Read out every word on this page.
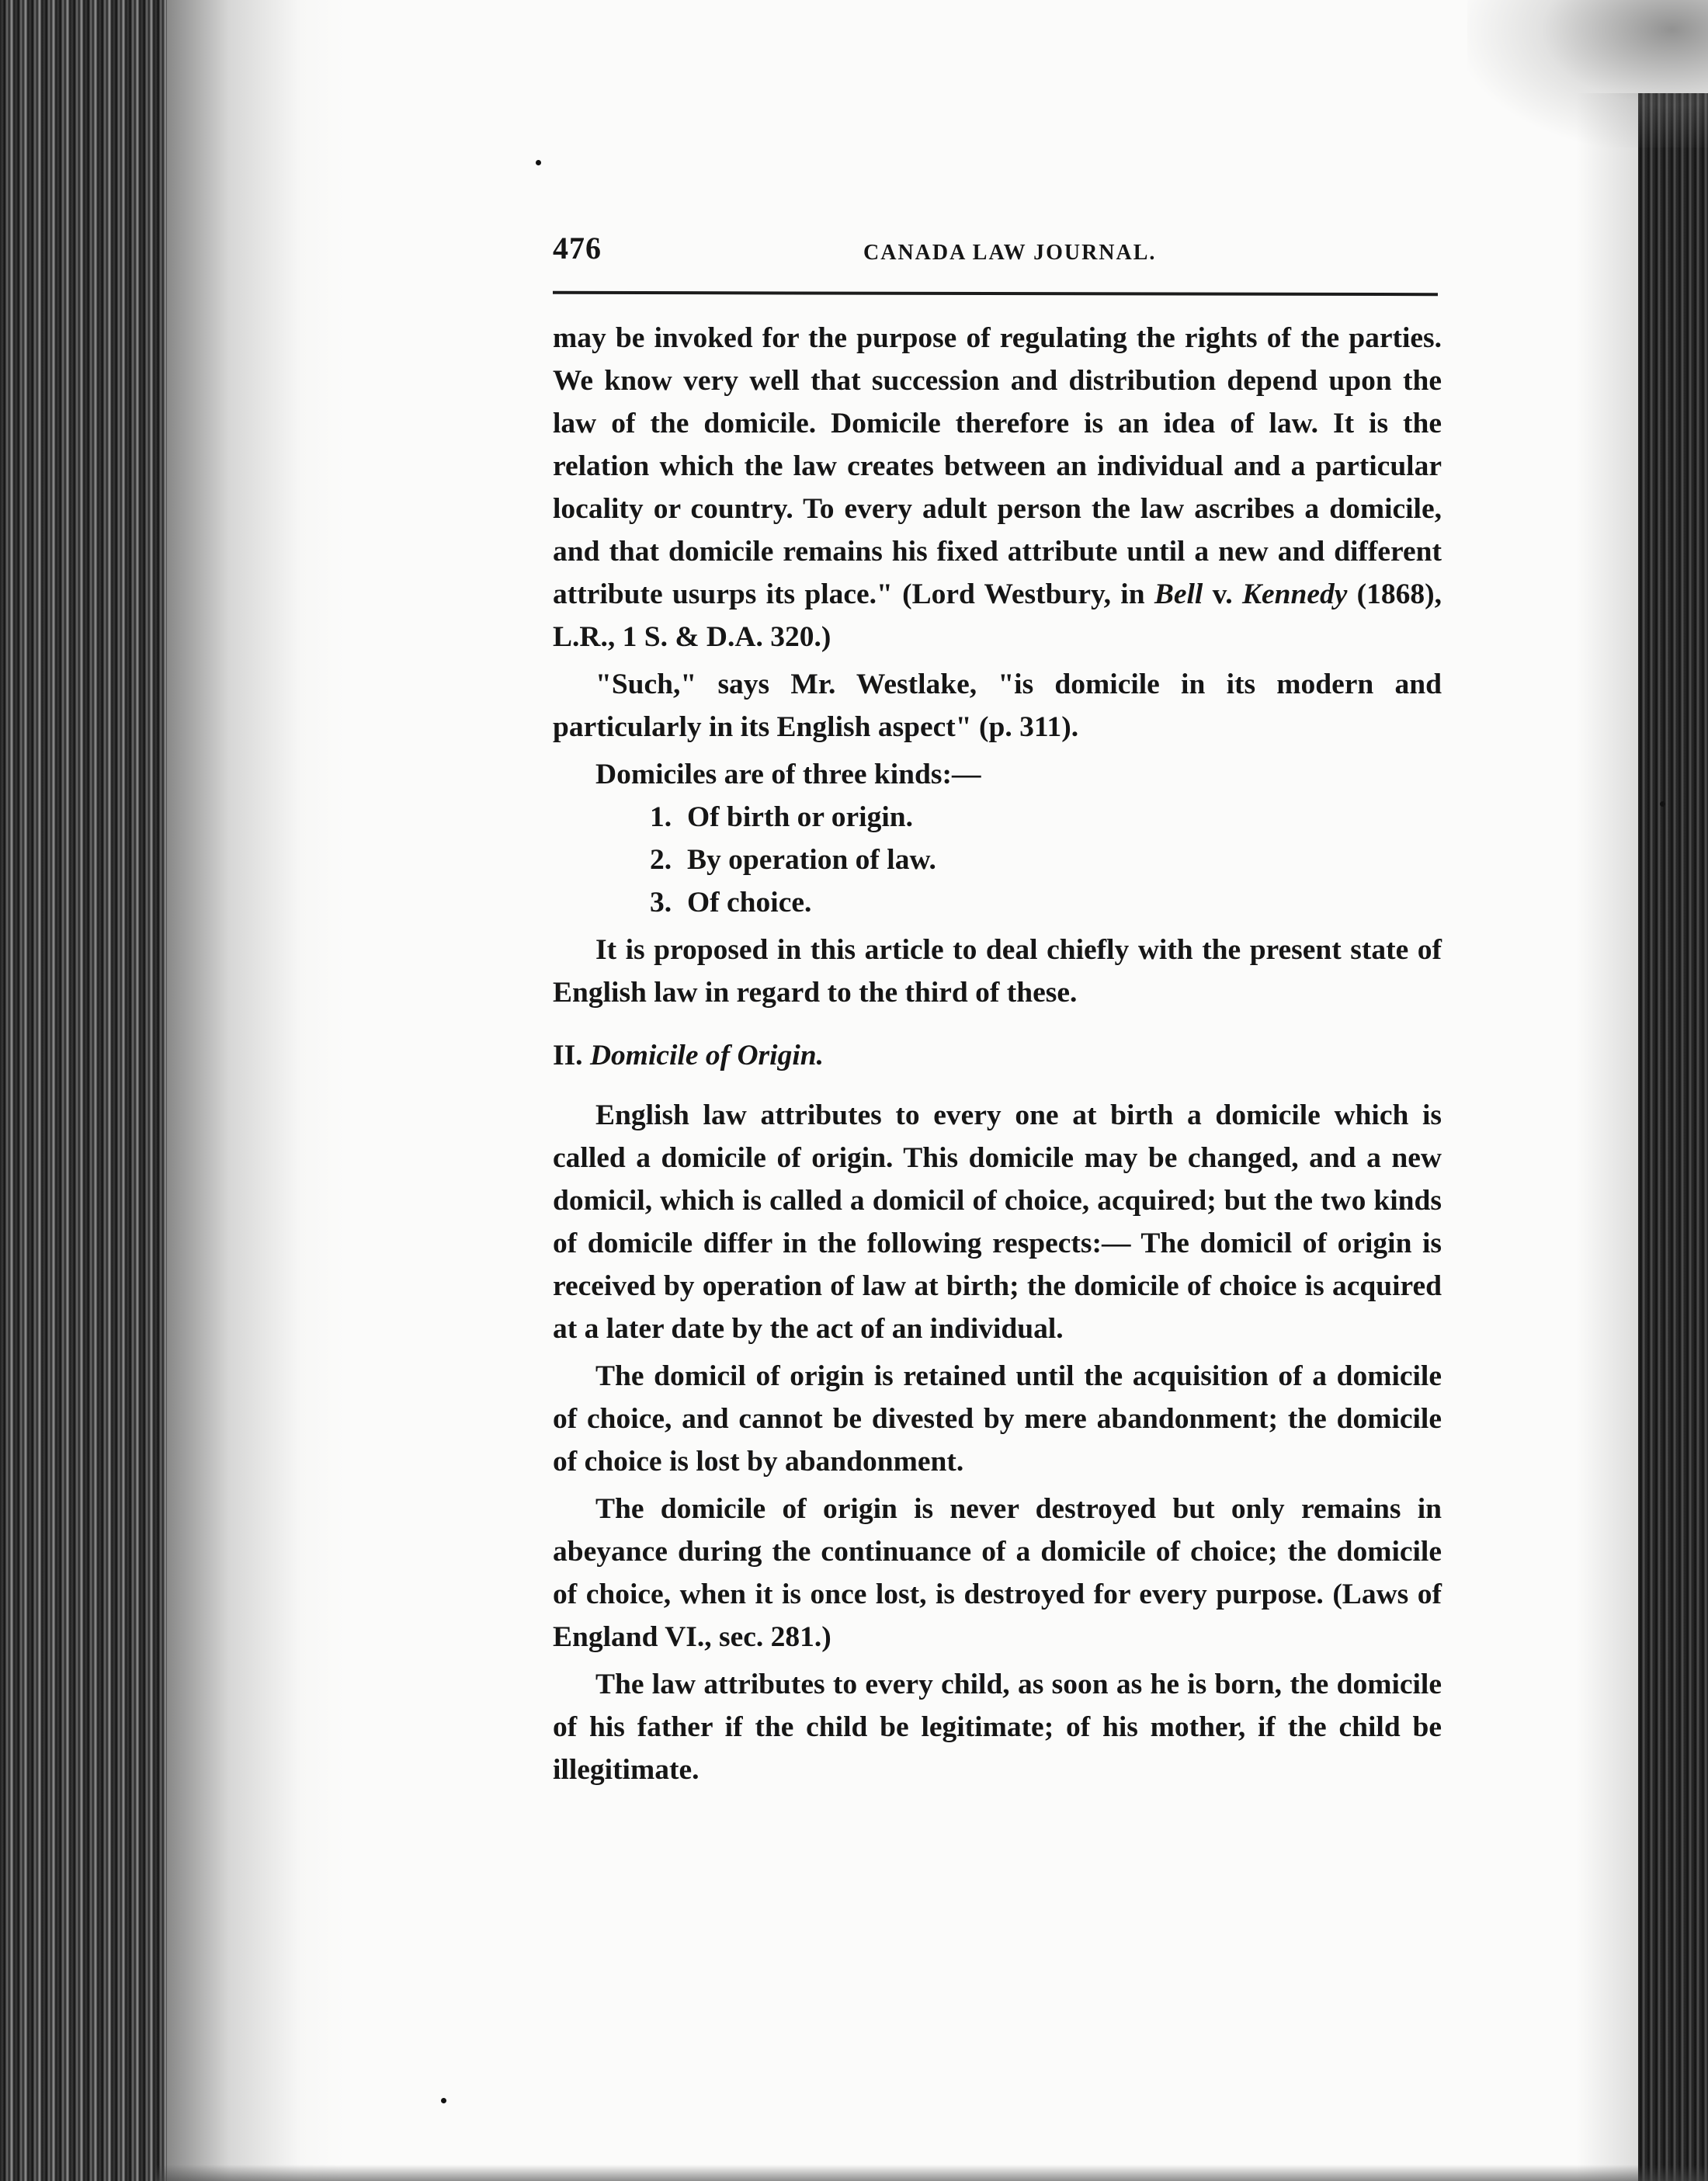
476	CANADA LAW JOURNAL.

may be invoked for the purpose of regulating the rights of the parties. We know very well that succession and distribution depend upon the law of the domicile. Domicile therefore is an idea of law. It is the relation which the law creates between an individual and a particular locality or country. To every adult person the law ascribes a domicile, and that domicile remains his fixed attribute until a new and different attribute usurps its place." (Lord Westbury, in Bell v. Kennedy (1868), L.R., 1 S. & D.A. 320.)

"Such," says Mr. Westlake, "is domicile in its modern and particularly in its English aspect" (p. 311).

Domiciles are of three kinds:—

1. Of birth or origin.

2. By operation of law.

3. Of choice.

It is proposed in this article to deal chiefly with the present state of English law in regard to the third of these.

II. Domicile of Origin.

English law attributes to every one at birth a domicile which is called a domicile of origin. This domicile may be changed, and a new domicil, which is called a domicil of choice, acquired; but the two kinds of domicile differ in the following respects:— The domicil of origin is received by operation of law at birth; the domicile of choice is acquired at a later date by the act of an individual.

The domicil of origin is retained until the acquisition of a domicile of choice, and cannot be divested by mere abandonment; the domicile of choice is lost by abandonment.

The domicile of origin is never destroyed but only remains in abeyance during the continuance of a domicile of choice; the domicile of choice, when it is once lost, is destroyed for every purpose. (Laws of England VI., sec. 281.)

The law attributes to every child, as soon as he is born, the domicile of his father if the child be legitimate; of his mother, if the child be illegitimate.
